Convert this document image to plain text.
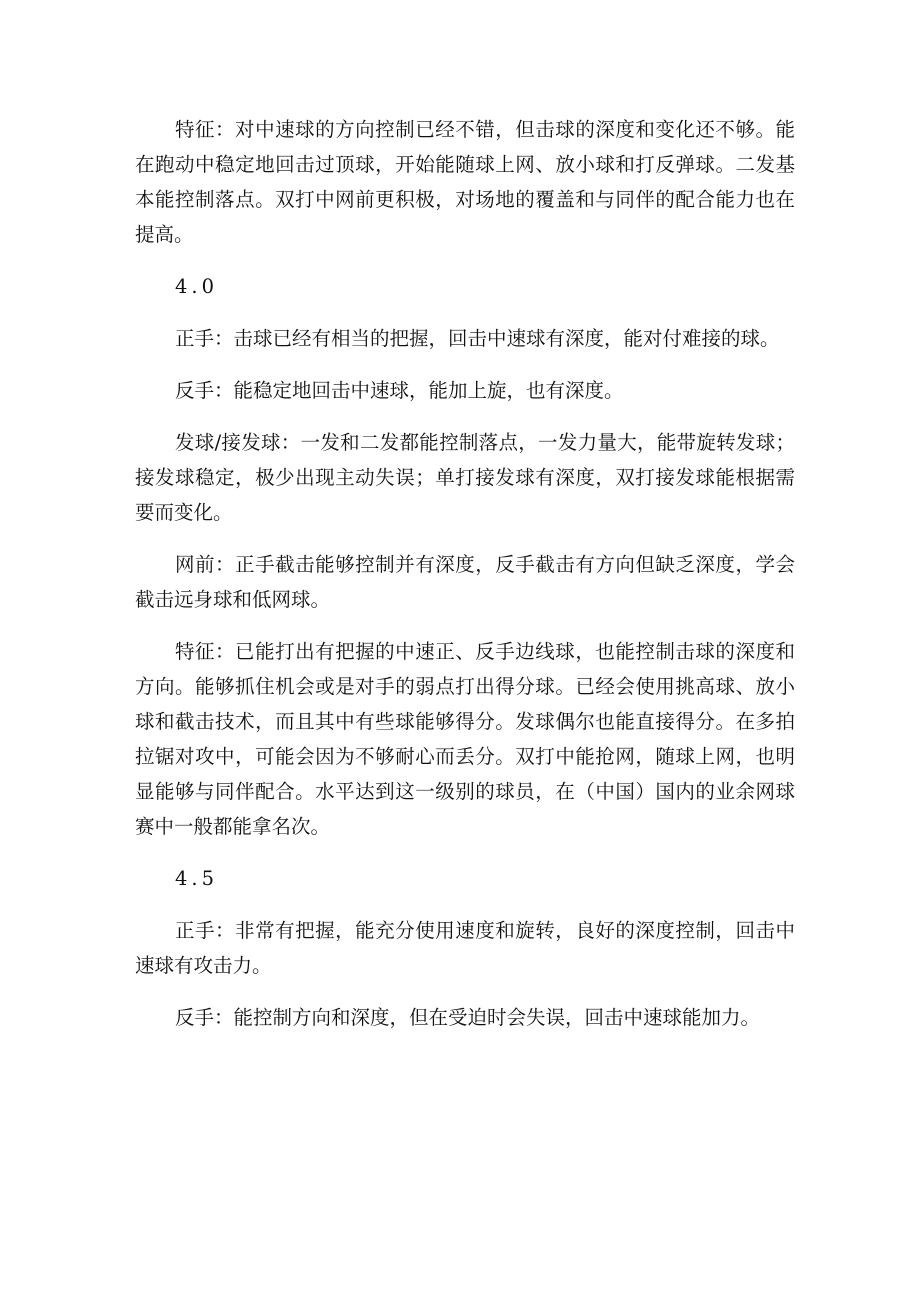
特征：对中速球的方向控制已经不错，但击球的深度和变化还不够。能在跑动中稳定地回击过顶球，开始能随球上网、放小球和打反弹球。二发基本能控制落点。双打中网前更积极，对场地的覆盖和与同伴的配合能力也在提高。

4.0

正手：击球已经有相当的把握，回击中速球有深度，能对付难接的球。

反手：能稳定地回击中速球，能加上旋，也有深度。

发球/接发球：一发和二发都能控制落点，一发力量大，能带旋转发球；接发球稳定，极少出现主动失误；单打接发球有深度，双打接发球能根据需要而变化。

网前：正手截击能够控制并有深度，反手截击有方向但缺乏深度，学会截击远身球和低网球。

特征：已能打出有把握的中速正、反手边线球，也能控制击球的深度和方向。能够抓住机会或是对手的弱点打出得分球。已经会使用挑高球、放小球和截击技术，而且其中有些球能够得分。发球偶尔也能直接得分。在多拍拉锯对攻中，可能会因为不够耐心而丢分。双打中能抢网，随球上网，也明显能够与同伴配合。水平达到这一级别的球员，在（中国）国内的业余网球赛中一般都能拿名次。

4.5

正手：非常有把握，能充分使用速度和旋转，良好的深度控制，回击中速球有攻击力。

反手：能控制方向和深度，但在受迫时会失误，回击中速球能加力。
